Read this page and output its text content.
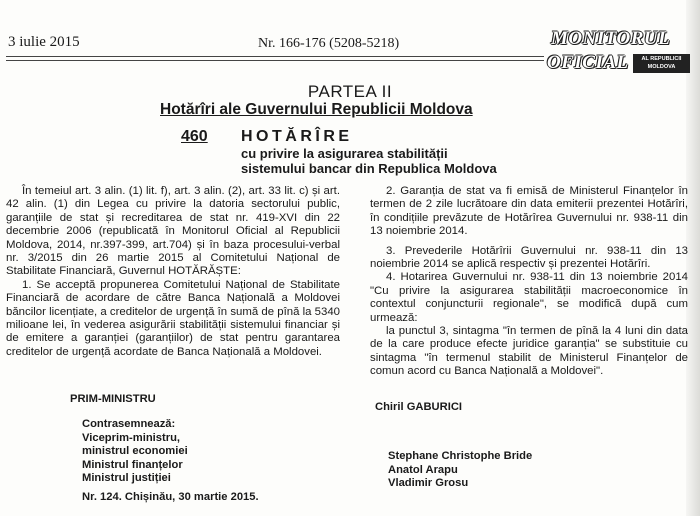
3 iulie 2015	Nr. 166-176 (5208-5218)	MONITORUL
OFICIAL	AL REPUBLICII MOLDOVA
PARTEA II
Hotărîri ale Guvernului Republicii Moldova
460 HOTĂRÎRE
cu privire la asigurarea stabilității
sistemului bancar din Republica Moldova

În temeiul art. 3 alin. (1) lit. f), art. 3 alin. (2), art. 33 lit. c) și art. 42 alin. (1) din Legea cu privire la datoria sectorului public, garanțiile de stat și recreditarea de stat nr. 419-XVI din 22 decembrie 2006 (republicată în Monitorul Oficial al Republicii Moldova, 2014, nr.397-399, art.704) și în baza procesului-verbal nr. 3/2015 din 26 martie 2015 al Comitetului Național de Stabilitate Financiară, Guvernul HOTĂRĂȘTE:

1. Se acceptă propunerea Comitetului Național de Stabilitate Financiară de acordare de către Banca Națională a Moldovei băncilor licențiate, a creditelor de urgență în sumă de pînă la 5340 milioane lei, în vederea asigurării stabilității sistemului financiar și de emitere a garanției (garanțiilor) de stat pentru garantarea creditelor de urgență acordate de Banca Națională a Moldovei.

2. Garanția de stat va fi emisă de Ministerul Finanțelor în termen de 2 zile lucrătoare din data emiterii prezentei Hotărîri, în condițiile prevăzute de Hotărîrea Guvernului nr. 938-11 din 13 noiembrie 2014.

3. Prevederile Hotărîrii Guvernului nr. 938-11 din 13 noiembrie 2014 se aplică respectiv și prezentei Hotărîri.

4. Hotarirea Guvernului nr. 938-11 din 13 noiembrie 2014 "Cu privire la asigurarea stabilității macroeconomice în contextul conjuncturii regionale", se modifică după cum urmează:

la punctul 3, sintagma "în termen de pînă la 4 luni din data de la care produce efecte juridice garanția" se substituie cu sintagma "în termenul stabilit de Ministerul Finanțelor de comun acord cu Banca Națională a Moldovei".

PRIM-MINISTRU
Chiril GABURICI
Contrasemnează:
Viceprim-ministru,
ministrul economiei
Ministrul finanțelor
Ministrul justiției
Stephane Christophe Bride
Anatol Arapu
Vladimir Grosu
Nr. 124. Chișinău, 30 martie 2015.
